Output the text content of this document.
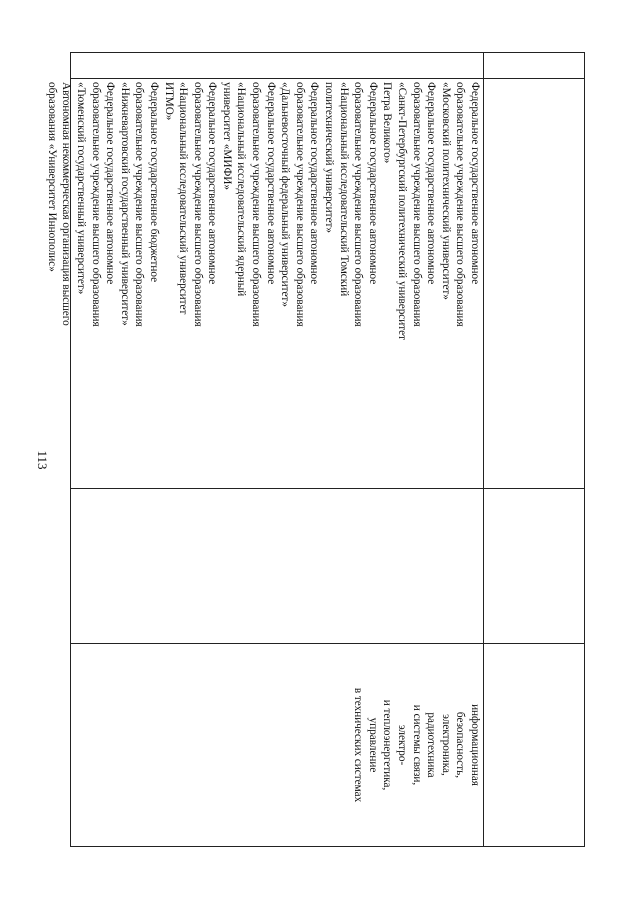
113
Федеральное государственное автономное
образовательное учреждение высшего образования
«Московский политехнический университет»
Федеральное государственное автономное
образовательное учреждение высшего образования
«Санкт-Петербургский политехнический университет
Петра Великого»
Федеральное государственное автономное
образовательное учреждение высшего образования
«Национальный исследовательский Томский
политехнический университет»
Федеральное государственное автономное
образовательное учреждение высшего образования
«Дальневосточный федеральный университет»
Федеральное государственное автономное
образовательное учреждение высшего образования
«Национальный исследовательский ядерный
университет «МИФИ»
Федеральное государственное автономное
образовательное учреждение высшего образования
«Национальный исследовательский университет
ИТМО»
Федеральное государственное бюджетное
образовательное учреждение высшего образования
«Нижневартовский государственный университет»
Федеральное государственное автономное
образовательное учреждение высшего образования
«Тюменский государственный университет»
Автономная некоммерческая организация высшего
образования «Университет Иннополис»
информационная
безопасность,
электроника,
радиотехника
и системы связи,
электро-
и теплоэнергетика,
управление
в технических системах
